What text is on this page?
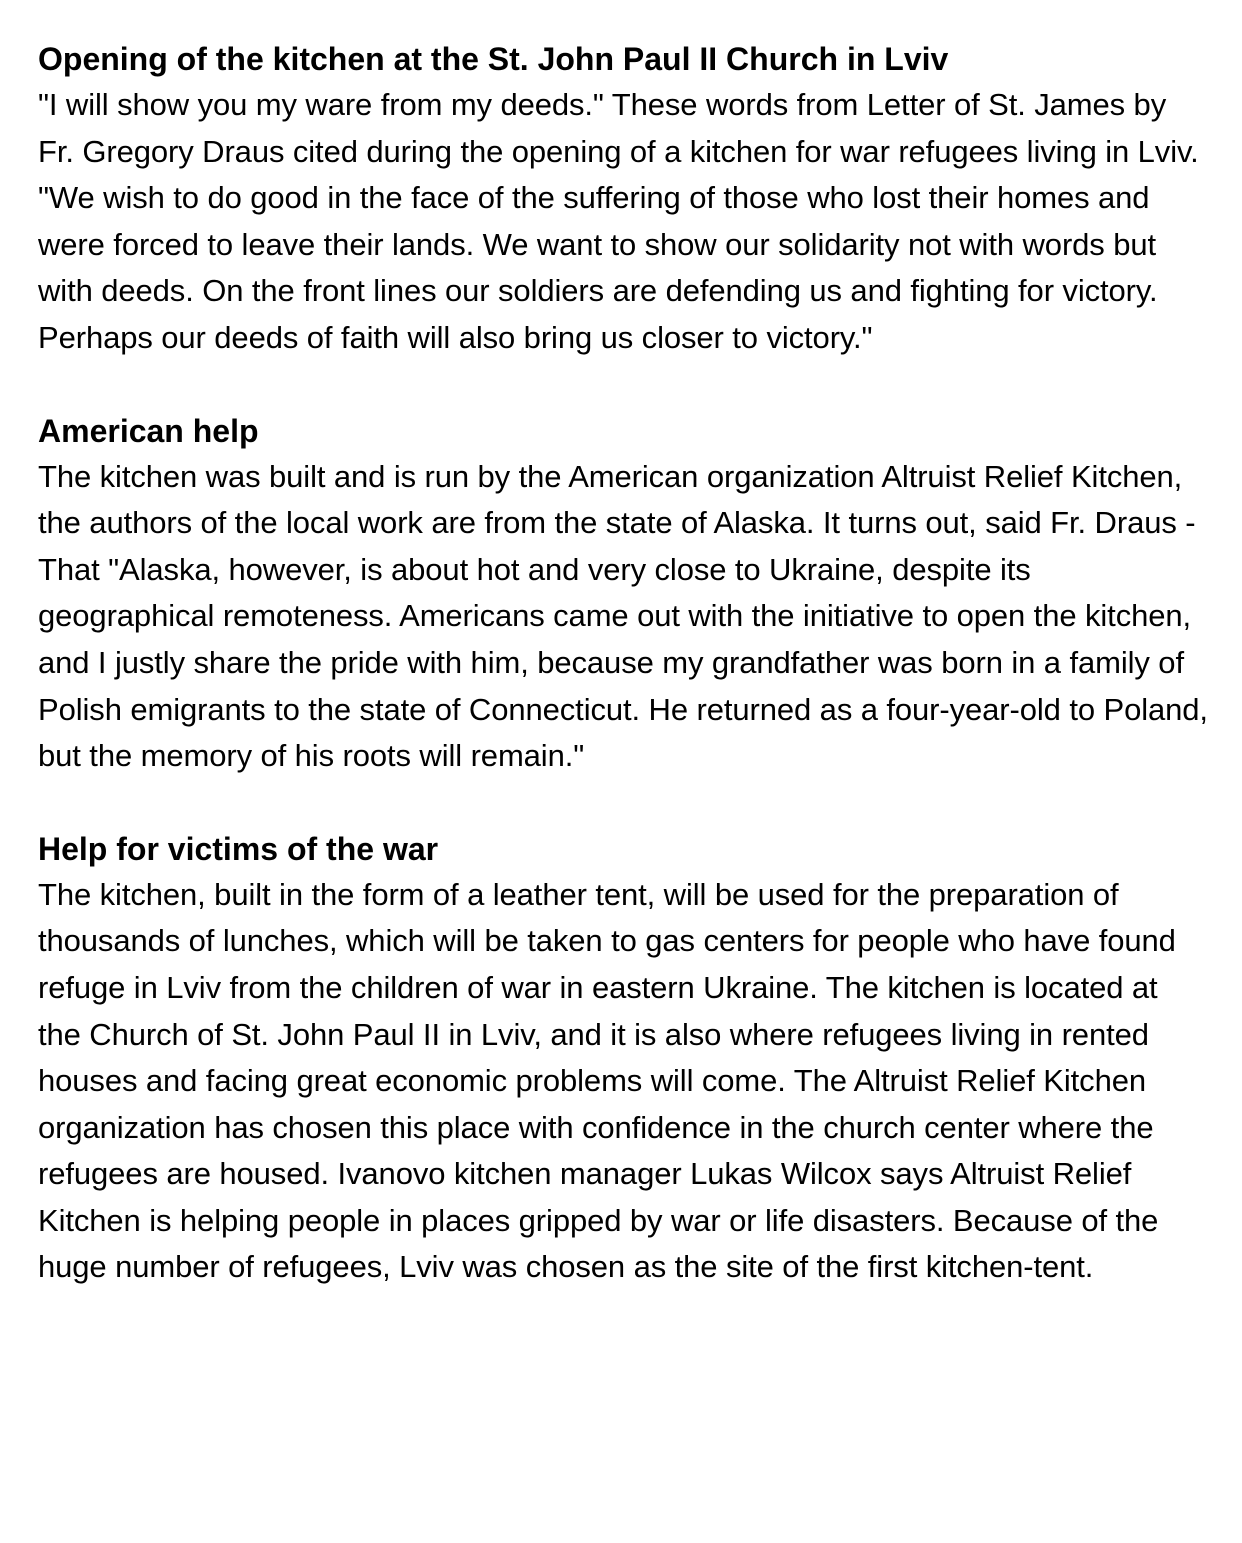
Opening of the kitchen at the St. John Paul II Church in Lviv

"I will show you my ware from my deeds." These words from Letter of St. James by Fr. Gregory Draus cited during the opening of a kitchen for war refugees living in Lviv. "We wish to do good in the face of the suffering of those who lost their homes and were forced to leave their lands. We want to show our solidarity not with words but with deeds. On the front lines our soldiers are defending us and fighting for victory. Perhaps our deeds of faith will also bring us closer to victory."

American help

The kitchen was built and is run by the American organization Altruist Relief Kitchen, the authors of the local work are from the state of Alaska. It turns out, said Fr. Draus - That "Alaska, however, is about hot and very close to Ukraine, despite its geographical remoteness. Americans came out with the initiative to open the kitchen, and I justly share the pride with him, because my grandfather was born in a family of Polish emigrants to the state of Connecticut. He returned as a four-year-old to Poland, but the memory of his roots will remain."

Help for victims of the war

The kitchen, built in the form of a leather tent, will be used for the preparation of thousands of lunches, which will be taken to gas centers for people who have found refuge in Lviv from the children of war in eastern Ukraine. The kitchen is located at the Church of St. John Paul II in Lviv, and it is also where refugees living in rented houses and facing great economic problems will come. The Altruist Relief Kitchen organization has chosen this place with confidence in the church center where the refugees are housed. Ivanovo kitchen manager Lukas Wilcox says Altruist Relief Kitchen is helping people in places gripped by war or life disasters. Because of the huge number of refugees, Lviv was chosen as the site of the first kitchen-tent.
